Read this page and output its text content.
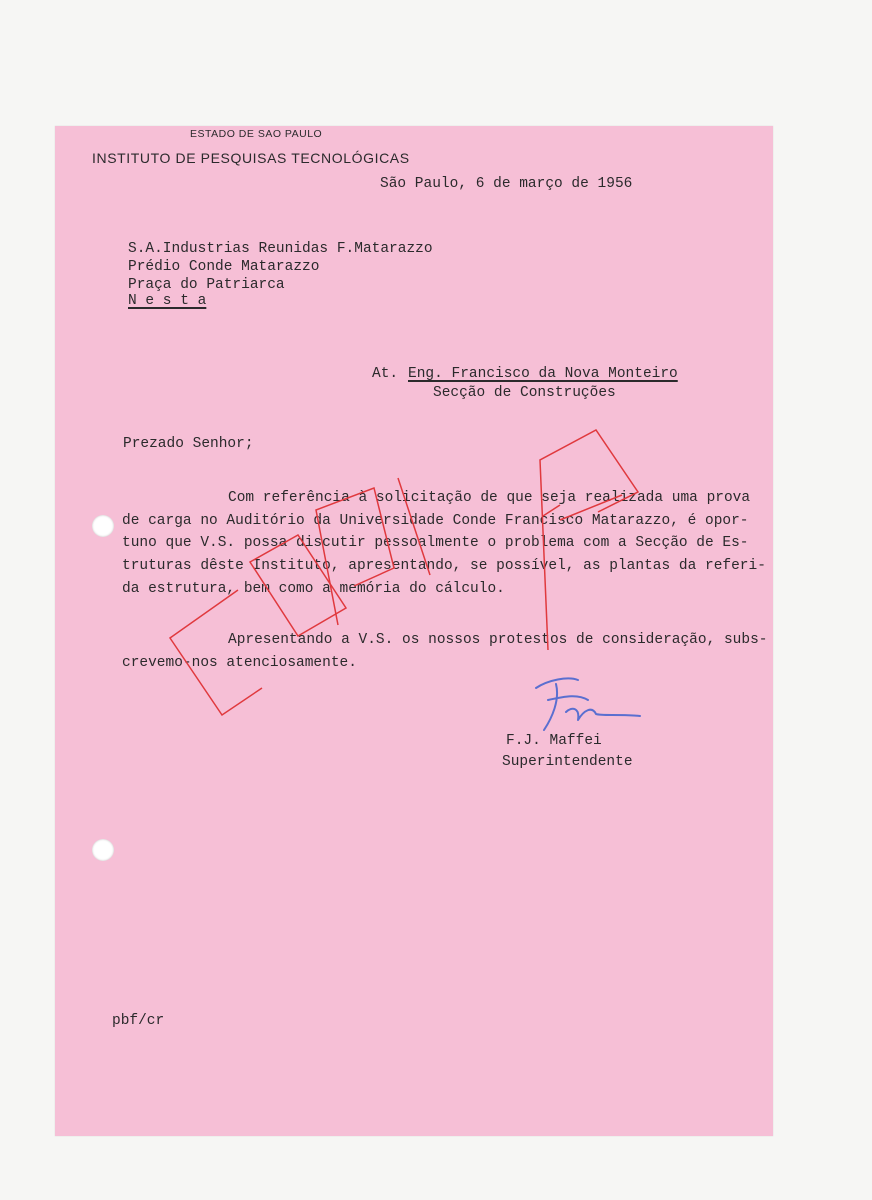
ESTADO DE SAO PAULO
INSTITUTO DE PESQUISAS TECNOLÓGICAS
São Paulo, 6 de março de 1956
S.A.Industrias Reunidas F.Matarazzo
Prédio Conde Matarazzo
Praça do Patriarca
N e s t a
At. Eng. Francisco da Nova Monteiro
Secção de Construções
Prezado Senhor;
Com referência à solicitação de que seja realizada uma prova
de carga no Auditório da Universidade Conde Francisco Matarazzo, é opor-
tuno que V.S. possa discutir pessoalmente o problema com a Secção de Es-
truturas dêste Instituto, apresentando, se possível, as plantas da referi-
da estrutura, bem como a memória do cálculo.
Apresentando a V.S. os nossos protestos de consideração, subs-
crevemo-nos atenciosamente.
F.J. Maffei
Superintendente
pbf/cr
